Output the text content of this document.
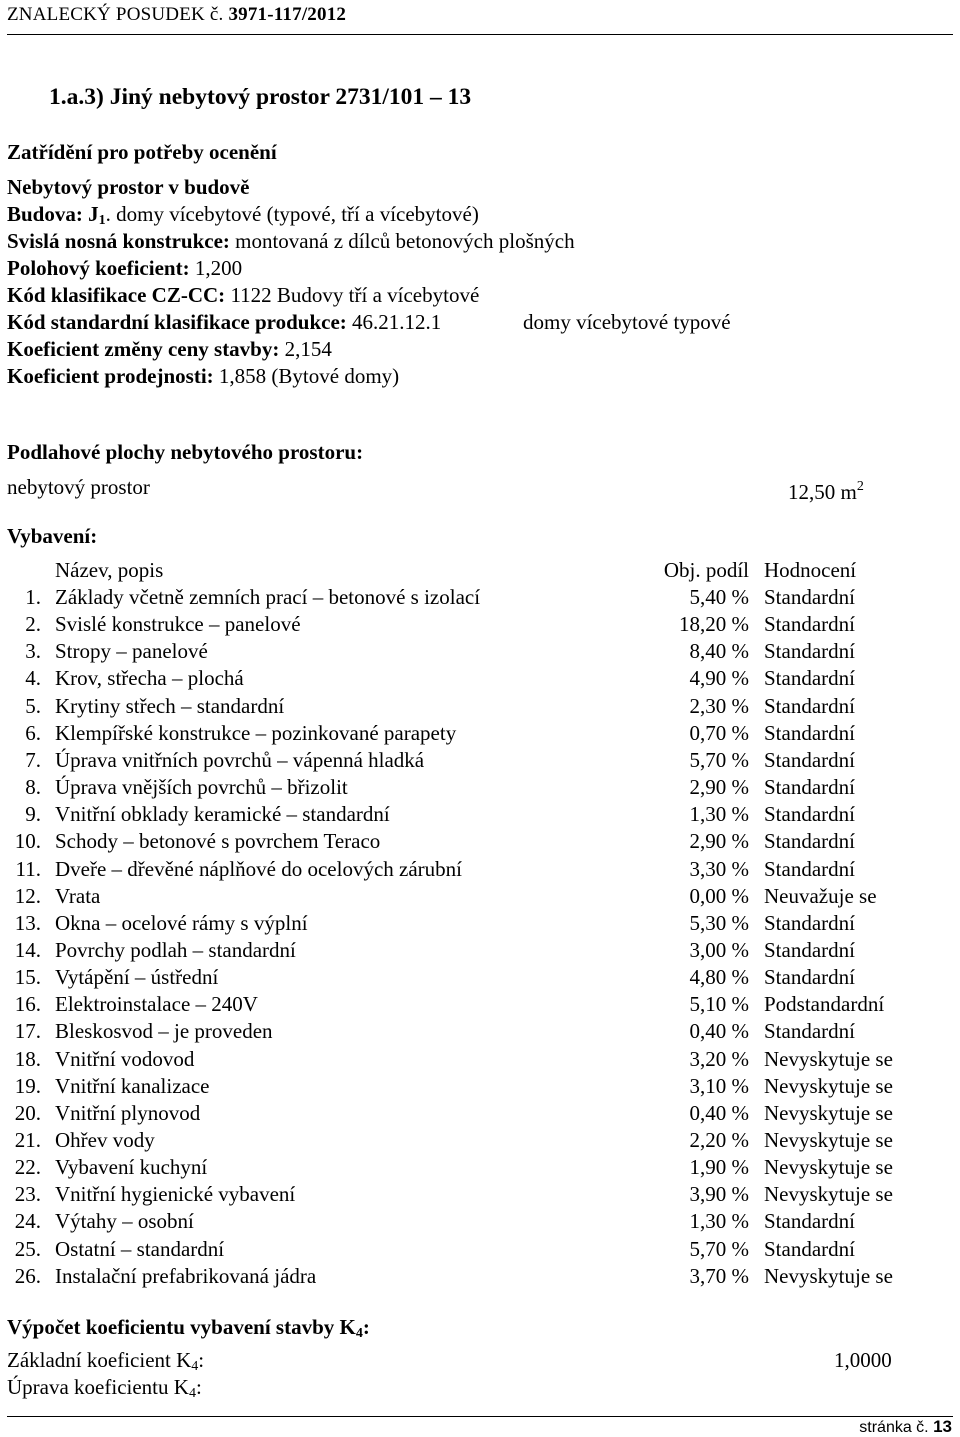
ZNALECKÝ POSUDEK č. 3971-117/2012
1.a.3) Jiný nebytový prostor 2731/101 – 13
Zatřídění pro potřeby ocenění
Nebytový prostor v budově
Budova: $J_1$. domy vícebytové (typové, tří a vícebytové)
Svislá nosná konstrukce: montovaná z dílců betonových plošných
Polohový koeficient: 1,200
Kód klasifikace CZ-CC: 1122 Budovy tří a vícebytové
Kód standardní klasifikace produkce: 46.21.12.1	domy vícebytové typové
Koeficient změny ceny stavby: 2,154
Koeficient prodejnosti: 1,858 (Bytové domy)
Podlahové plochy nebytového prostoru:
nebytový prostor	12,50 $m^2$
Vybavení:
Název, popis	Obj. podíl Hodnocení
1. Základy včetně zemních prací – betonové s izolací	5,40 % Standardní
2. Svislé konstrukce – panelové	18,20 % Standardní
3. Stropy – panelové	8,40 % Standardní
4. Krov, střecha – plochá	4,90 % Standardní
5. Krytiny střech – standardní	2,30 % Standardní
6. Klempířské konstrukce – pozinkované parapety	0,70 % Standardní
7. Úprava vnitřních povrchů – vápenná hladká	5,70 % Standardní
8. Úprava vnějších povrchů – břizolit	2,90 % Standardní
9. Vnitřní obklady keramické – standardní	1,30 % Standardní
10. Schody – betonové s povrchem Teraco	2,90 % Standardní
11. Dveře – dřevěné náplňové do ocelových zárubní	3,30 % Standardní
12. Vrata	0,00 % Neuvažuje se
13. Okna – ocelové rámy s výplní	5,30 % Standardní
14. Povrchy podlah – standardní	3,00 % Standardní
15. Vytápění – ústřední	4,80 % Standardní
16. Elektroinstalace – 240V	5,10 % Podstandardní
17. Bleskosvod – je proveden	0,40 % Standardní
18. Vnitřní vodovod	3,20 % Nevyskytuje se
19. Vnitřní kanalizace	3,10 % Nevyskytuje se
20. Vnitřní plynovod	0,40 % Nevyskytuje se
21. Ohřev vody	2,20 % Nevyskytuje se
22. Vybavení kuchyní	1,90 % Nevyskytuje se
23. Vnitřní hygienické vybavení	3,90 % Nevyskytuje se
24. Výtahy – osobní	1,30 % Standardní
25. Ostatní – standardní	5,70 % Standardní
26. Instalační prefabrikovaná jádra	3,70 % Nevyskytuje se
Výpočet koeficientu vybavení stavby $K_4$:
Základní koeficient $K_4$:	1,0000
Úprava koeficientu $K_4$:
stránka č. 13
